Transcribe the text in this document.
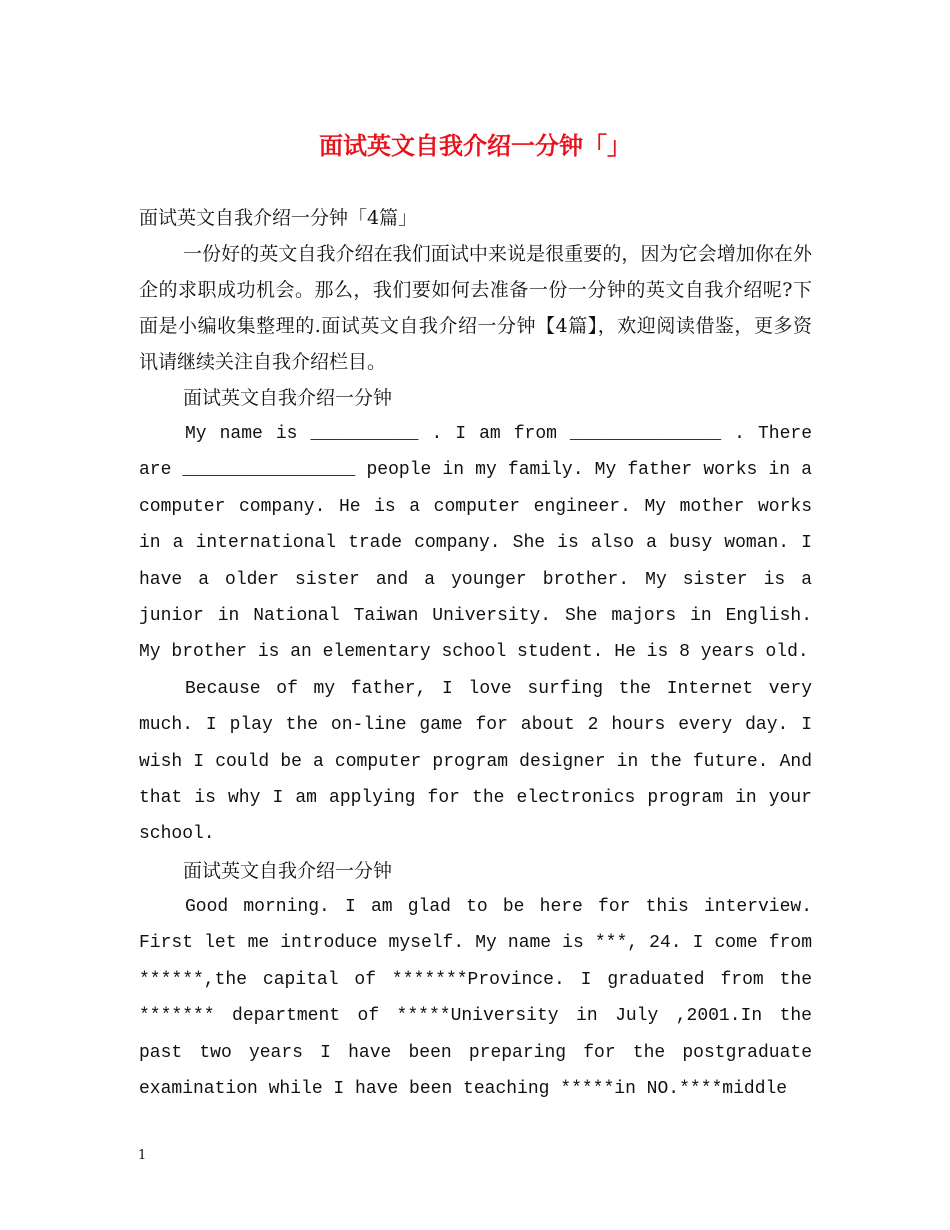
面试英文自我介绍一分钟「」

面试英文自我介绍一分钟「4篇」

一份好的英文自我介绍在我们面试中来说是很重要的，因为它会增加你在外企的求职成功机会。那么，我们要如何去准备一份一分钟的英文自我介绍呢?下面是小编收集整理的.面试英文自我介绍一分钟【4篇】，欢迎阅读借鉴，更多资讯请继续关注自我介绍栏目。

面试英文自我介绍一分钟

My name is __________ . I am from ______________ . There are ________________ people in my family. My father works in a computer company. He is a computer engineer. My mother works in a international trade company. She is also a busy woman. I have a older sister and a younger brother. My sister is a junior in National Taiwan University. She majors in English. My brother is an elementary school student. He is 8 years old.

Because of my father, I love surfing the Internet very much. I play the on-line game for about 2 hours every day. I wish I could be a computer program designer in the future. And that is why I am applying for the electronics program in your school.

面试英文自我介绍一分钟

Good morning. I am glad to be here for this interview. First let me introduce myself. My name is ***, 24. I come from ******,the capital of *******Province. I graduated from the ******* department of *****University in July ,2001.In the past two years I have been preparing for the postgraduate examination while I have been teaching *****in NO.****middle

1
